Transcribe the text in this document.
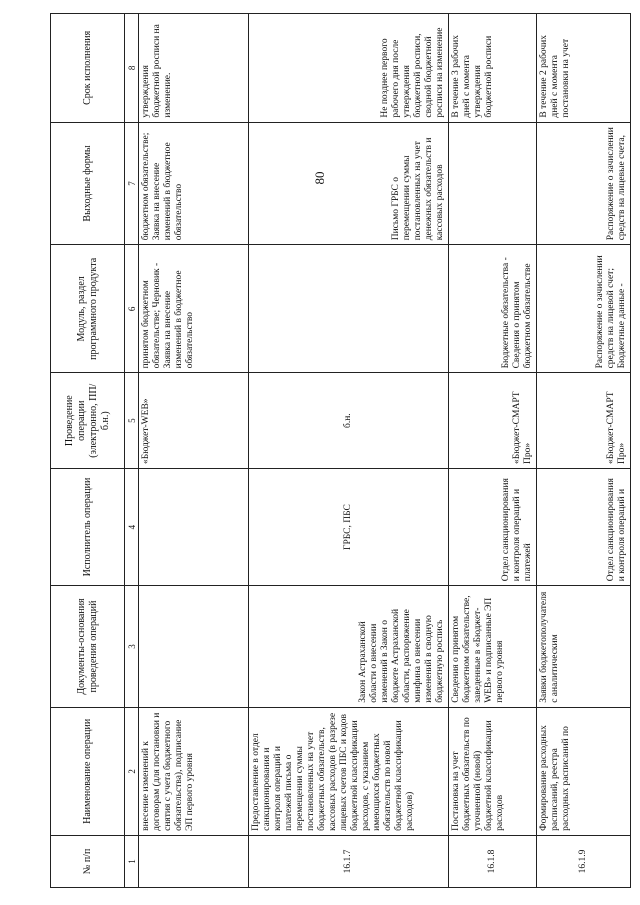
80
№ п/п	Наименование операции	Документы-основания проведения операций	Исполнитель операции	Проведение операции (электронно, ПП/б.н.)	Модуль, раздел программного продукта	Выходные формы	Срок исполнения
1	2	3	4	5	6	7	8
	внесение изменений к договорам (для постановки и снятия с учета бюджетного обязательства), подписание ЭП первого уровня			«Бюджет-WEB»	принятом бюджетном обязательстве; Черновик - Заявка на внесение изменений в бюджетное обязательство	бюджетном обязательстве; Заявка на внесение изменений в бюджетное обязательство	утверждения бюджетной росписи на изменение.
16.1.7	Предоставление в отдел санкционирования и контроля операций и платежей письма о перемещении суммы постановленных на учет бюджетных обязательств, кассовых расходов (в разрезе лицевых счетов ПБС и кодов бюджетной классификации расходов, с указанием имеющихся бюджетных обязательств по новой бюджетной классификации расходов)	Закон Астраханской области о внесении изменений в Закон о бюджете Астраханской области, распоряжение минфина о внесении изменений в сводную бюджетную роспись	ГРБС, ПБС	б.н.		Письмо ГРБС о перемещении суммы постановленных на учет денежных обязательств и кассовых расходов	Не позднее первого рабочего дня после утверждения бюджетной росписи, сводной бюджетной росписи на изменение
16.1.8	Постановка на учет бюджетных обязательств по уточненной (новой) бюджетной классификации расходов	Сведения о принятом бюджетном обязательстве, заведенные в «Бюджет-WEB» и подписанные ЭП первого уровня	Отдел санкционирования и контроля операций и платежей	«Бюджет-СМАРТ Про»	Бюджетные обязательства - Сведения о принятом бюджетном обязательстве		В течение 3 рабочих дней с момента утверждения бюджетной росписи
16.1.9	Формирование расходных расписаний, реестра расходных расписаний по	Заявки бюджетополучателя с аналитическим	Отдел санкционирования и контроля операций и	«Бюджет-СМАРТ Про»	Распоряжение о зачислении средств на лицевой счет; Бюджетные данные -	Распоряжение о зачислении средств на лицевые счета,	В течение 2 рабочих дней с момента постановки на учет
